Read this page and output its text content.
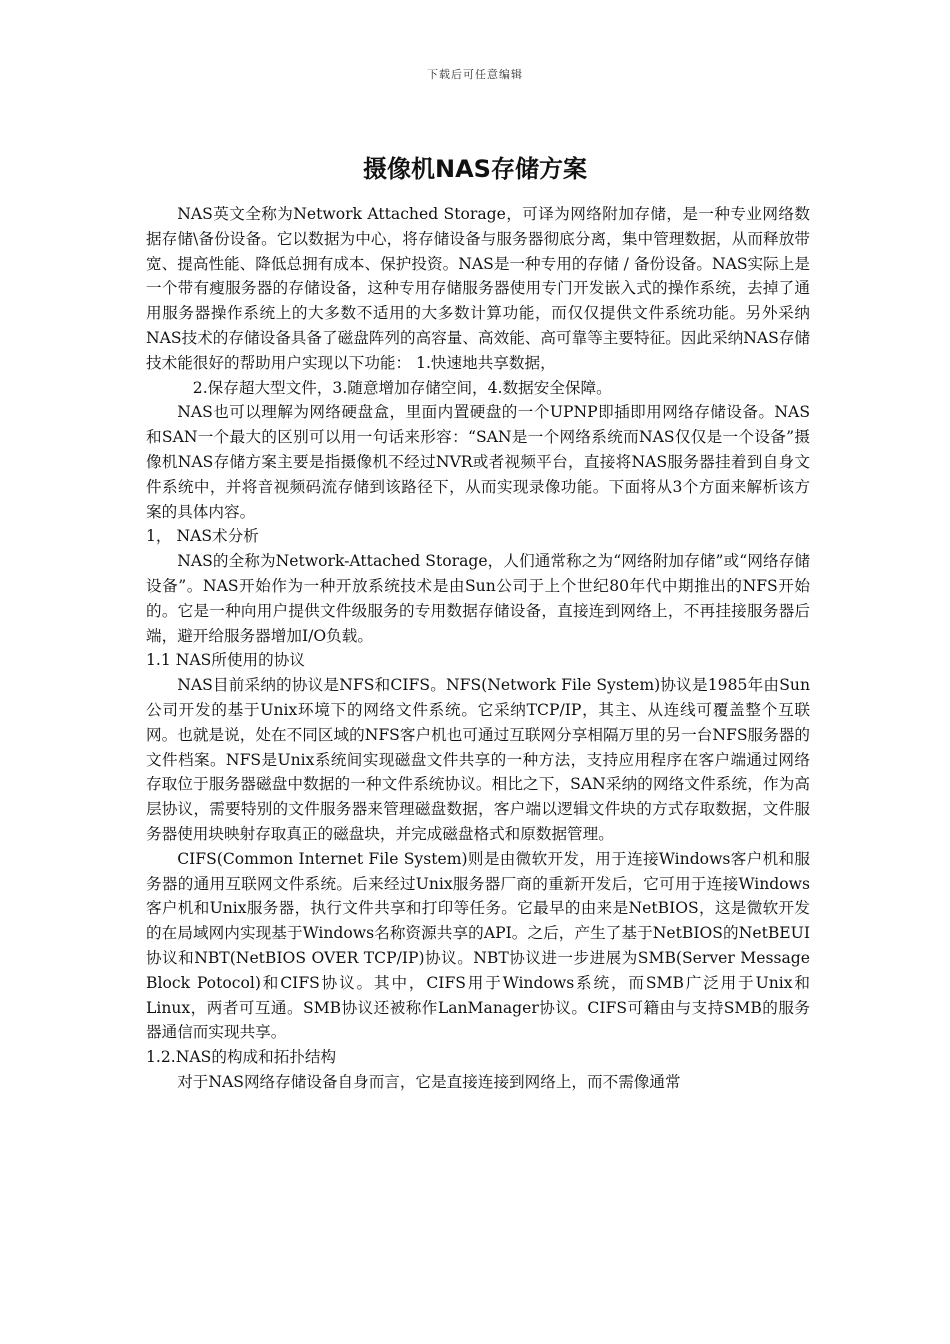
下载后可任意编辑
摄像机NAS存储方案

NAS英文全称为Network Attached Storage，可译为网络附加存储，是一种专业网络数据存储\备份设备。它以数据为中心，将存储设备与服务器彻底分离，集中管理数据，从而释放带宽、提高性能、降低总拥有成本、保护投资。NAS是一种专用的存储 / 备份设备。NAS实际上是一个带有瘦服务器的存储设备，这种专用存储服务器使用专门开发嵌入式的操作系统，去掉了通用服务器操作系统上的大多数不适用的大多数计算功能，而仅仅提供文件系统功能。另外采纳NAS技术的存储设备具备了磁盘阵列的高容量、高效能、高可靠等主要特征。因此采纳NAS存储技术能很好的帮助用户实现以下功能： 1.快速地共享数据，
2.保存超大型文件，3.随意增加存储空间，4.数据安全保障。

NAS也可以理解为网络硬盘盒，里面内置硬盘的一个UPNP即插即用网络存储设备。NAS和SAN一个最大的区别可以用一句话来形容：“SAN是一个网络系统而NAS仅仅是一个设备”摄像机NAS存储方案主要是指摄像机不经过NVR或者视频平台，直接将NAS服务器挂着到自身文件系统中，并将音视频码流存储到该路径下，从而实现录像功能。下面将从3个方面来解析该方案的具体内容。

1， NAS术分析

NAS的全称为Network-Attached Storage，人们通常称之为“网络附加存储”或“网络存储设备”。NAS开始作为一种开放系统技术是由Sun公司于上个世纪80年代中期推出的NFS开始的。它是一种向用户提供文件级服务的专用数据存储设备，直接连到网络上，不再挂接服务器后端，避开给服务器增加I/O负载。

1.1 NAS所使用的协议

NAS目前采纳的协议是NFS和CIFS。NFS(Network File System)协议是1985年由Sun公司开发的基于Unix环境下的网络文件系统。它采纳TCP/IP，其主、从连线可覆盖整个互联网。也就是说，处在不同区域的NFS客户机也可通过互联网分享相隔万里的另一台NFS服务器的文件档案。NFS是Unix系统间实现磁盘文件共享的一种方法，支持应用程序在客户端通过网络存取位于服务器磁盘中数据的一种文件系统协议。相比之下，SAN采纳的网络文件系统，作为高层协议，需要特别的文件服务器来管理磁盘数据，客户端以逻辑文件块的方式存取数据，文件服务器使用块映射存取真正的磁盘块，并完成磁盘格式和原数据管理。

CIFS(Common Internet File System)则是由微软开发，用于连接Windows客户机和服务器的通用互联网文件系统。后来经过Unix服务器厂商的重新开发后，它可用于连接Windows客户机和Unix服务器，执行文件共享和打印等任务。它最早的由来是NetBIOS，这是微软开发的在局域网内实现基于Windows名称资源共享的API。之后，产生了基于NetBIOS的NetBEUI协议和NBT(NetBIOS OVER TCP/IP)协议。NBT协议进一步进展为SMB(Server Message Block Potocol)和CIFS协议。其中，CIFS用于Windows系统，而SMB广泛用于Unix和Linux，两者可互通。SMB协议还被称作LanManager协议。CIFS可籍由与支持SMB的服务器通信而实现共享。

1.2.NAS的构成和拓扑结构

对于NAS网络存储设备自身而言，它是直接连接到网络上，而不需像通常
